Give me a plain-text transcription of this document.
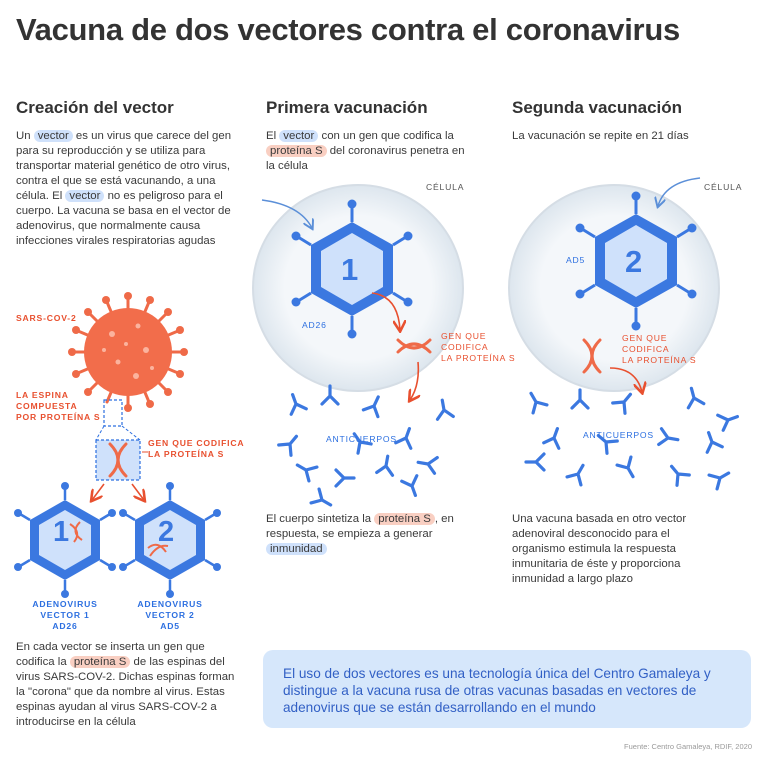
Vacuna de dos vectores contra el coronavirus
Creación del vector
Un vector es un virus que carece del gen para su reproducción y se utiliza para transportar material genético de otro virus, contra el que se está vacunando, a una célula. El vector no es peligroso para el cuerpo. La vacuna se basa en el vector de adenovirus, que normalmente causa infecciones virales respiratorias agudas
SARS-COV-2
LA ESPINA
COMPUESTA
POR PROTEÍNA S
GEN QUE CODIFICA
LA PROTEÍNA S
1	2
ADENOVIRUS
VECTOR 1
AD26
ADENOVIRUS
VECTOR 2
AD5
En cada vector se inserta un gen que codifica la proteína S de las espinas del virus SARS-COV-2. Dichas espinas forman la "corona" que da nombre al virus. Estas espinas ayudan al virus SARS-COV-2 a introducirse en la célula
Primera vacunación
El vector con un gen que codifica la proteína S del coronavirus penetra en la célula
CÉLULA
1
AD26
GEN QUE
CODIFICA
LA PROTEÍNA S
ANTICUERPOS
El cuerpo sintetiza la proteína S , en respuesta, se empieza a generar inmunidad
Segunda vacunación
La vacunación se repite en 21 días
CÉLULA
2
AD5
GEN QUE
CODIFICA
LA PROTEÍNA S
ANTICUERPOS
Una vacuna basada en otro vector adenoviral desconocido para el organismo estimula la respuesta inmunitaria de éste y proporciona inmunidad a largo plazo
El uso de dos vectores es una tecnología única del Centro Gamaleya y distingue a la vacuna rusa de otras vacunas basadas en vectores de adenovirus que se están desarrollando en el mundo
Fuente: Centro Gamaleya, RDIF, 2020
